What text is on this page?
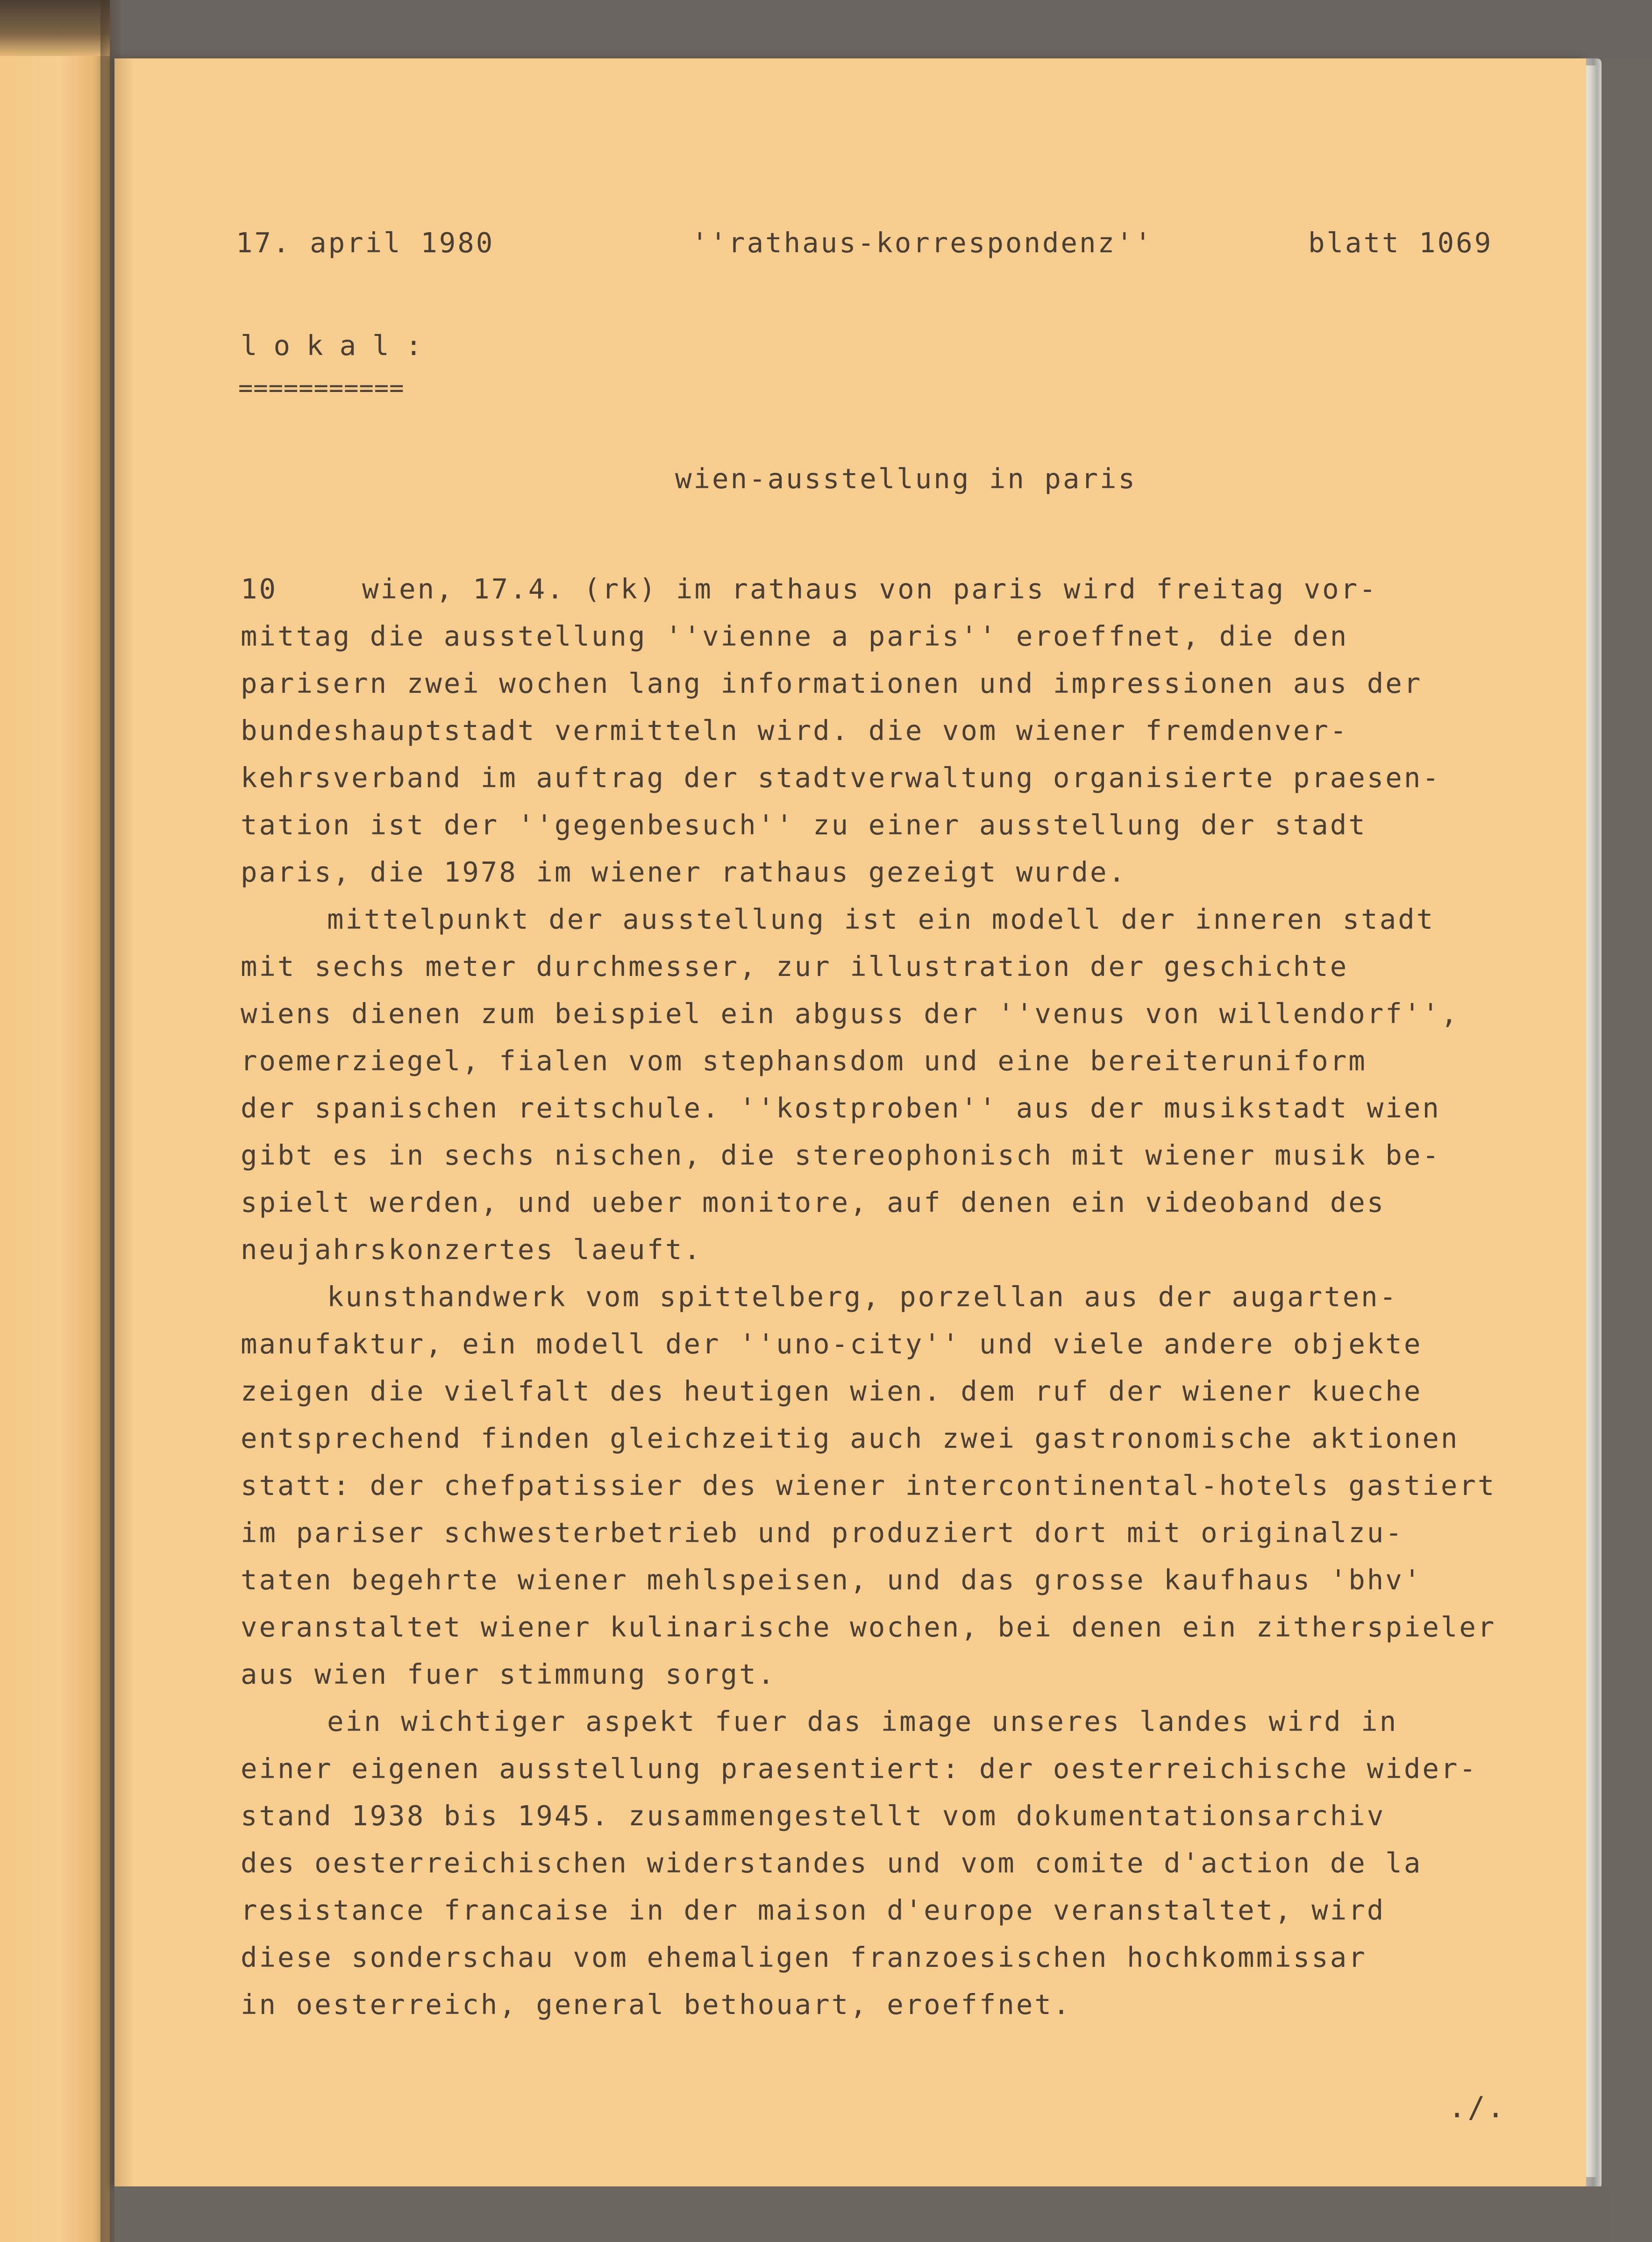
17. april 1980	''rathaus-korrespondenz''	blatt 1069
lokal:
===========
wien-ausstellung in paris
10	wien, 17.4. (rk) im rathaus von paris wird freitag vor-
mittag die ausstellung ''vienne a paris'' eroeffnet, die den
parisern zwei wochen lang informationen und impressionen aus der
bundeshauptstadt vermitteln wird. die vom wiener fremdenver-
kehrsverband im auftrag der stadtverwaltung organisierte praesen-
tation ist der ''gegenbesuch'' zu einer ausstellung der stadt
paris, die 1978 im wiener rathaus gezeigt wurde.
mittelpunkt der ausstellung ist ein modell der inneren stadt
mit sechs meter durchmesser, zur illustration der geschichte
wiens dienen zum beispiel ein abguss der ''venus von willendorf'',
roemerziegel, fialen vom stephansdom und eine bereiteruniform
der spanischen reitschule. ''kostproben'' aus der musikstadt wien
gibt es in sechs nischen, die stereophonisch mit wiener musik be-
spielt werden, und ueber monitore, auf denen ein videoband des
neujahrskonzertes laeuft.
kunsthandwerk vom spittelberg, porzellan aus der augarten-
manufaktur, ein modell der ''uno-city'' und viele andere objekte
zeigen die vielfalt des heutigen wien. dem ruf der wiener kueche
entsprechend finden gleichzeitig auch zwei gastronomische aktionen
statt: der chefpatissier des wiener intercontinental-hotels gastiert
im pariser schwesterbetrieb und produziert dort mit originalzu-
taten begehrte wiener mehlspeisen, und das grosse kaufhaus 'bhv'
veranstaltet wiener kulinarische wochen, bei denen ein zitherspieler
aus wien fuer stimmung sorgt.
ein wichtiger aspekt fuer das image unseres landes wird in
einer eigenen ausstellung praesentiert: der oesterreichische wider-
stand 1938 bis 1945. zusammengestellt vom dokumentationsarchiv
des oesterreichischen widerstandes und vom comite d'action de la
resistance francaise in der maison d'europe veranstaltet, wird
diese sonderschau vom ehemaligen franzoesischen hochkommissar
in oesterreich, general bethouart, eroeffnet.
./.
